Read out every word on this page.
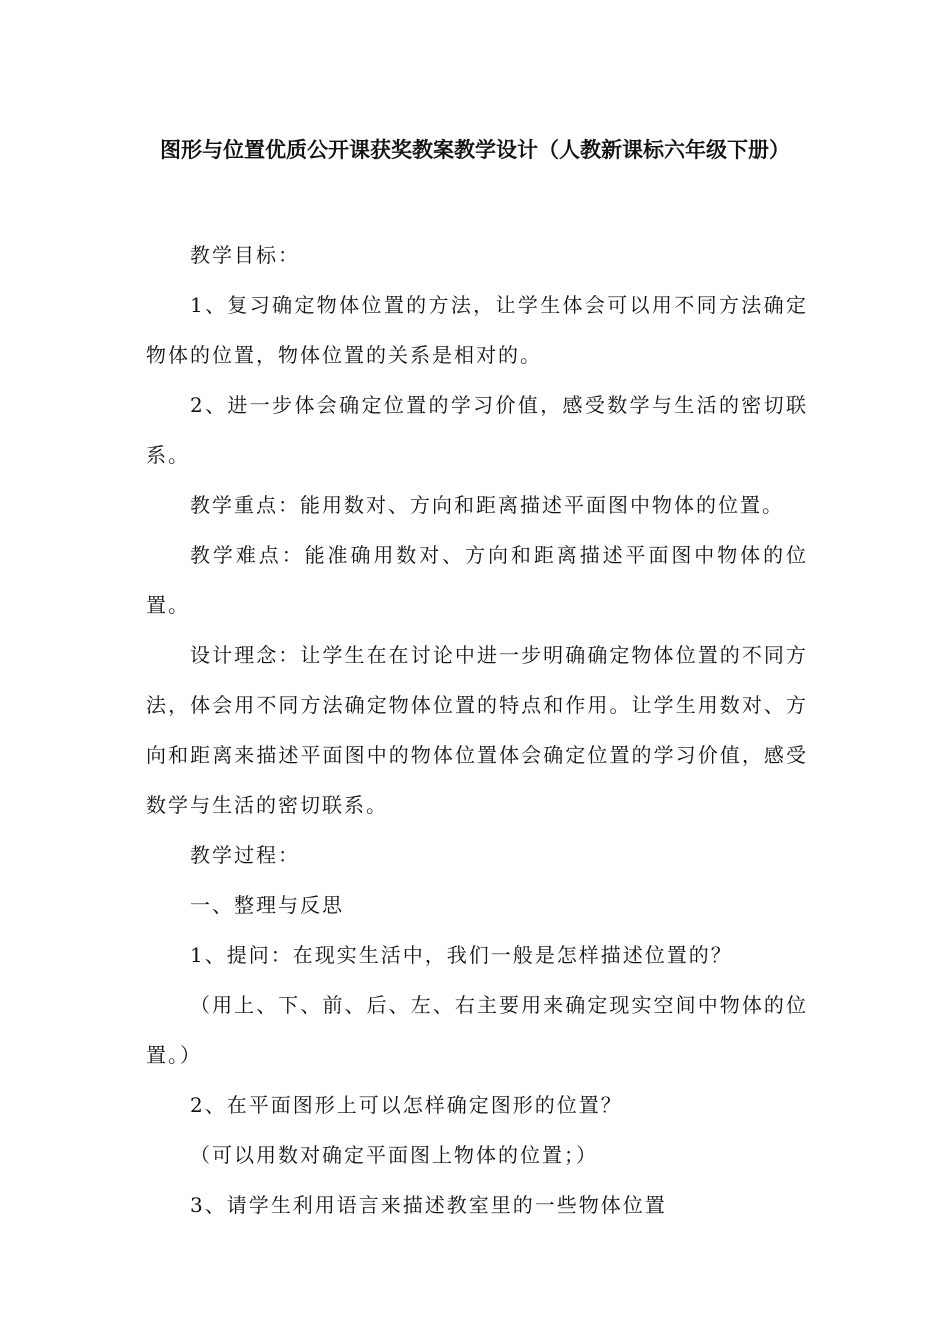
图形与位置优质公开课获奖教案教学设计（人教新课标六年级下册）

教学目标：

1、复习确定物体位置的方法，让学生体会可以用不同方法确定物体的位置，物体位置的关系是相对的。

2、进一步体会确定位置的学习价值，感受数学与生活的密切联系。

教学重点：能用数对、方向和距离描述平面图中物体的位置。

教学难点：能准确用数对、方向和距离描述平面图中物体的位置。

设计理念：让学生在在讨论中进一步明确确定物体位置的不同方法，体会用不同方法确定物体位置的特点和作用。让学生用数对、方向和距离来描述平面图中的物体位置体会确定位置的学习价值，感受数学与生活的密切联系。

教学过程：

一、整理与反思

1、提问：在现实生活中，我们一般是怎样描述位置的？

（用上、下、前、后、左、右主要用来确定现实空间中物体的位置。）

2、在平面图形上可以怎样确定图形的位置？

（可以用数对确定平面图上物体的位置；）

3、请学生利用语言来描述教室里的一些物体位置
